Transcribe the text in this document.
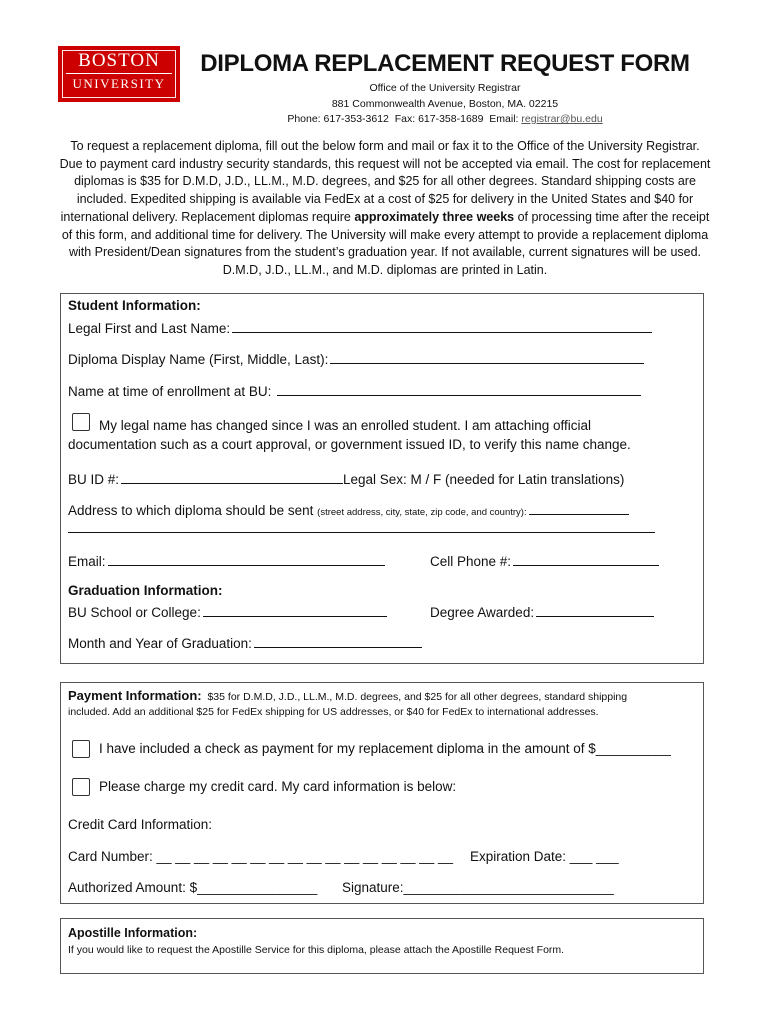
BOSTON
UNIVERSITY
DIPLOMA REPLACEMENT REQUEST FORM
Office of the University Registrar
881 Commonwealth Avenue, Boston, MA. 02215
Phone: 617-353-3612  Fax: 617-358-1689  Email: registrar@bu.edu
To request a replacement diploma, fill out the below form and mail or fax it to the Office of the University Registrar. Due to payment card industry security standards, this request will not be accepted via email. The cost for replacement diplomas is $35 for D.M.D, J.D., LL.M., M.D. degrees, and $25 for all other degrees. Standard shipping costs are included. Expedited shipping is available via FedEx at a cost of $25 for delivery in the United States and $40 for international delivery. Replacement diplomas require approximately three weeks of processing time after the receipt of this form, and additional time for delivery. The University will make every attempt to provide a replacement diploma with President/Dean signatures from the student’s graduation year. If not available, current signatures will be used. D.M.D, J.D., LL.M., and M.D. diplomas are printed in Latin.
Student Information:
Legal First and Last Name:
Diploma Display Name (First, Middle, Last):
Name at time of enrollment at BU:
My legal name has changed since I was an enrolled student. I am attaching official
documentation such as a court approval, or government issued ID, to verify this name change.
BU ID #:	Legal Sex: M / F (needed for Latin translations)
Address to which diploma should be sent (street address, city, state, zip code, and country):
Email:	Cell Phone #:
Graduation Information:
BU School or College:	Degree Awarded:
Month and Year of Graduation:
Payment Information:  $35 for D.M.D, J.D., LL.M., M.D. degrees, and $25 for all other degrees, standard shipping
included. Add an additional $25 for FedEx shipping for US addresses, or $40 for FedEx to international addresses.
I have included a check as payment for my replacement diploma in the amount of $__________
Please charge my credit card. My card information is below:
Credit Card Information:
Card Number: __ __ __ __ __ __ __ __ __ __ __ __ __ __ __ __ Expiration Date: ___ ___
Authorized Amount: $________________ Signature:____________________________
Apostille Information:
If you would like to request the Apostille Service for this diploma, please attach the Apostille Request Form.
